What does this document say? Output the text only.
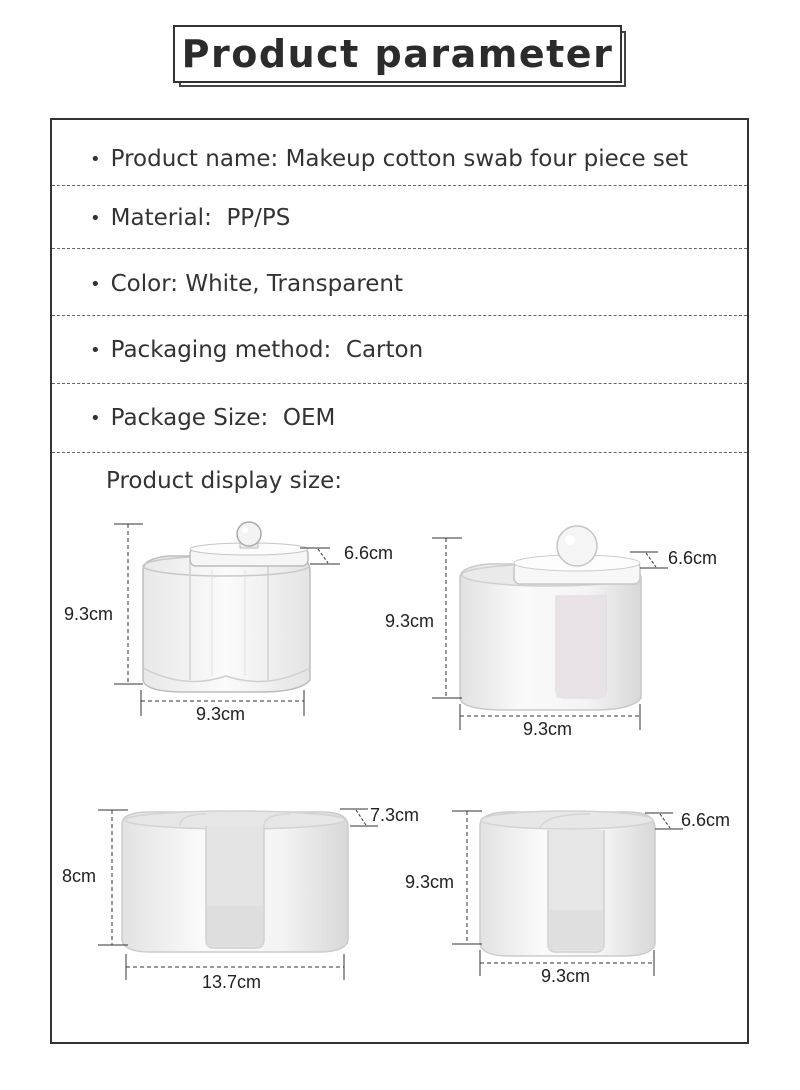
Product parameter
• Product name:
Makeup cotton swab four piece set
• Material:
PP/PS
• Color:
White, Transparent
• Packaging method:
Carton
• Package Size:
OEM
Product display size:
9.3cm
9.3cm
6.6cm
9.3cm
9.3cm
6.6cm
8cm
13.7cm
7.3cm
9.3cm
9.3cm
6.6cm
